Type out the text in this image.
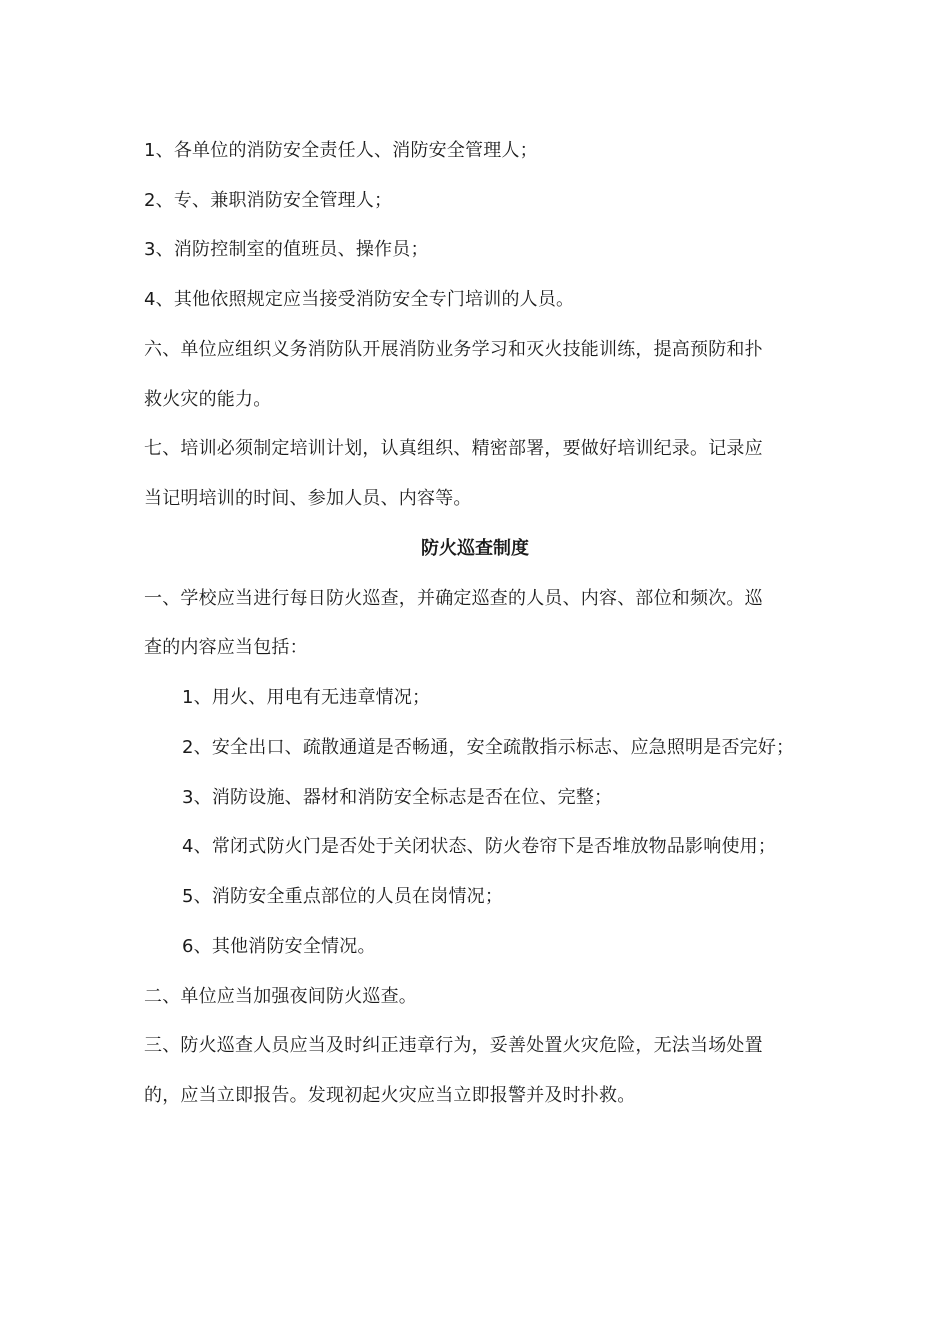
1、各单位的消防安全责任人、消防安全管理人；
2、专、兼职消防安全管理人；
3、消防控制室的值班员、操作员；
4、其他依照规定应当接受消防安全专门培训的人员。
六、单位应组织义务消防队开展消防业务学习和灭火技能训练，提高预防和扑
救火灾的能力。
七、培训必须制定培训计划，认真组织、精密部署，要做好培训纪录。记录应
当记明培训的时间、参加人员、内容等。
防火巡查制度
一、学校应当进行每日防火巡查，并确定巡查的人员、内容、部位和频次。巡
查的内容应当包括：
1、用火、用电有无违章情况；
2、安全出口、疏散通道是否畅通，安全疏散指示标志、应急照明是否完好；
3、消防设施、器材和消防安全标志是否在位、完整；
4、常闭式防火门是否处于关闭状态、防火卷帘下是否堆放物品影响使用；
5、消防安全重点部位的人员在岗情况；
6、其他消防安全情况。
二、单位应当加强夜间防火巡查。
三、防火巡查人员应当及时纠正违章行为，妥善处置火灾危险，无法当场处置
的，应当立即报告。发现初起火灾应当立即报警并及时扑救。
